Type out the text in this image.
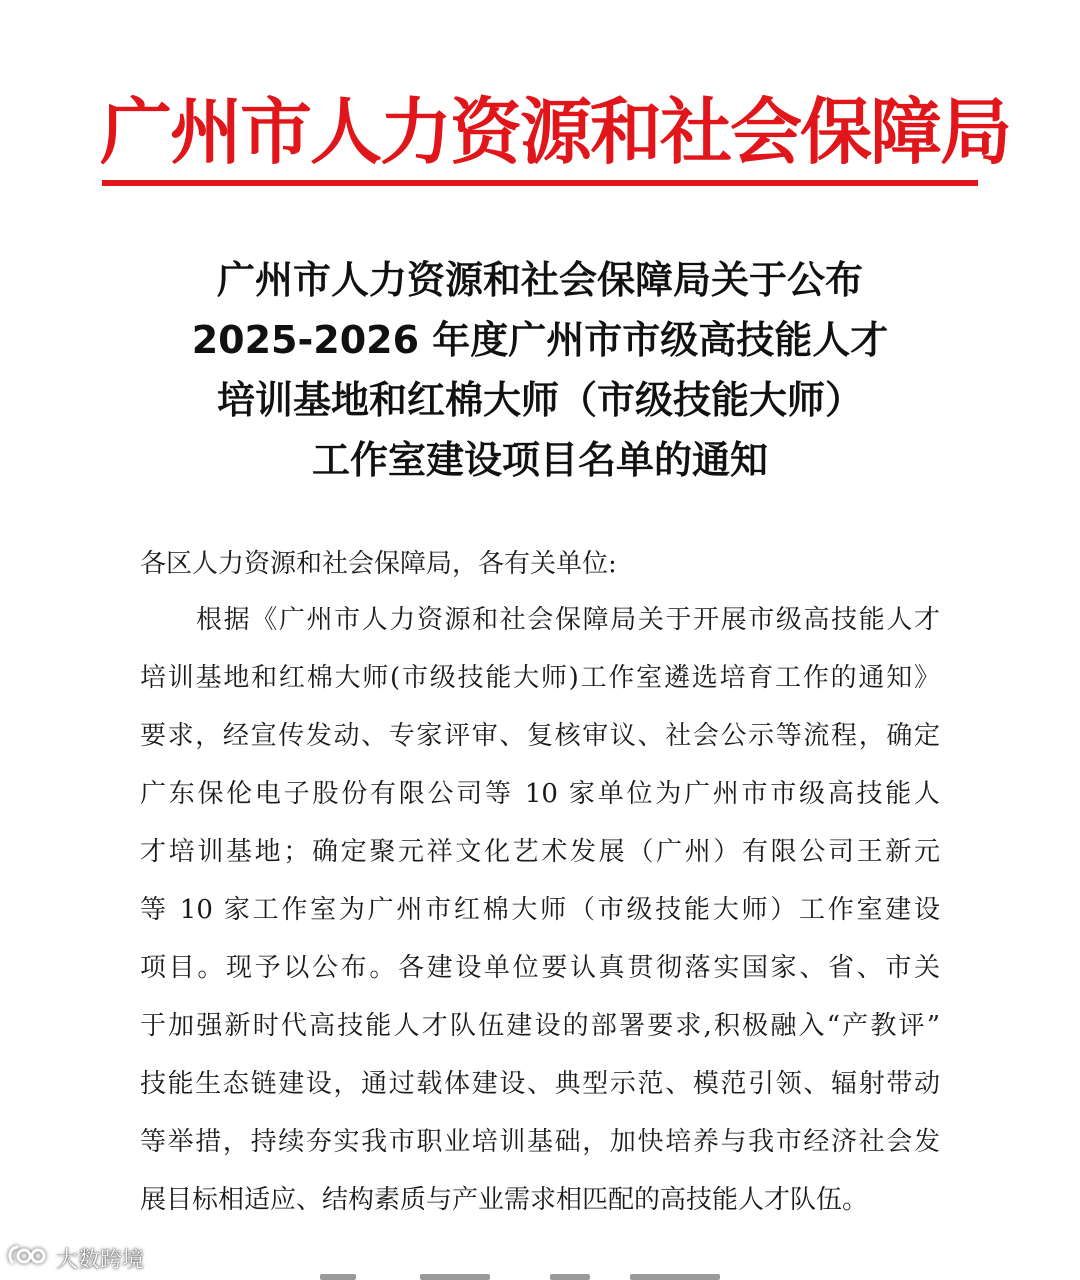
广州市人力资源和社会保障局
广州市人力资源和社会保障局关于公布
2025-2026 年度广州市市级高技能人才
培训基地和红棉大师（市级技能大师）
工作室建设项目名单的通知
各区人力资源和社会保障局，各有关单位:
根据《广州市人力资源和社会保障局关于开展市级高技能人才
培训基地和红棉大师(市级技能大师)工作室遴选培育工作的通知》
要求，经宣传发动、专家评审、复核审议、社会公示等流程，确定
广东保伦电子股份有限公司等 10 家单位为广州市市级高技能人
才培训基地；确定聚元祥文化艺术发展（广州）有限公司王新元
等 10 家工作室为广州市红棉大师（市级技能大师）工作室建设
项目。现予以公布。各建设单位要认真贯彻落实国家、省、市关
于加强新时代高技能人才队伍建设的部署要求,积极融入“产教评”
技能生态链建设，通过载体建设、典型示范、模范引领、辐射带动
等举措，持续夯实我市职业培训基础，加快培养与我市经济社会发
展目标相适应、结构素质与产业需求相匹配的高技能人才队伍。
大数跨境
